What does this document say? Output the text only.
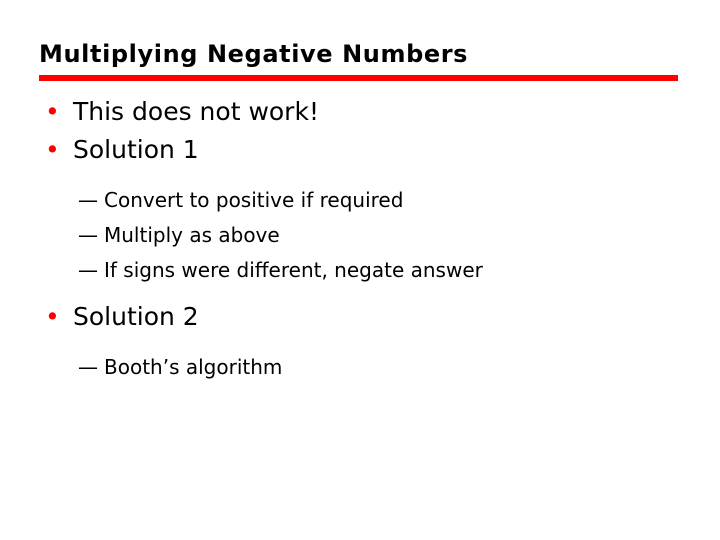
Multiplying Negative Numbers
• This does not work!
• Solution 1
— Convert to positive if required
— Multiply as above
— If signs were different, negate answer
• Solution 2
— Booth’s algorithm
